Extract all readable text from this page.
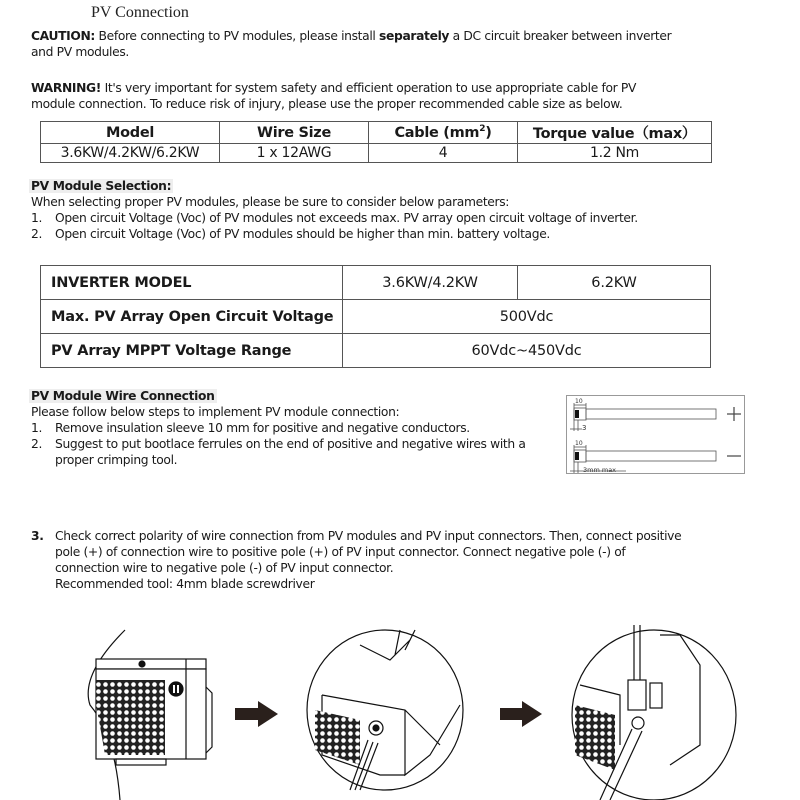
PV Connection
CAUTION: Before connecting to PV modules, please install separately a DC circuit breaker between inverter
and PV modules.
WARNING! It's very important for system safety and efficient operation to use appropriate cable for PV
module connection. To reduce risk of injury, please use the proper recommended cable size as below.
Model	Wire Size	Cable $(mm^2)$	Torque value（max）
3.6KW/4.2KW/6.2KW	1 x 12AWG	4	1.2 Nm
PV Module Selection:
When selecting proper PV modules, please be sure to consider below parameters:
1. Open circuit Voltage (Voc) of PV modules not exceeds max. PV array open circuit voltage of inverter.
2. Open circuit Voltage (Voc) of PV modules should be higher than min. battery voltage.
INVERTER MODEL	3.6KW/4.2KW	6.2KW
Max. PV Array Open Circuit Voltage	500Vdc	
PV Array MPPT Voltage Range	60Vdc~450Vdc	
PV Module Wire Connection
Please follow below steps to implement PV module connection:
1. Remove insulation sleeve 10 mm for positive and negative conductors.
2. Suggest to put bootlace ferrules on the end of positive and negative wires with a
proper crimping tool.
10
3
10
3mm max
3. Check correct polarity of wire connection from PV modules and PV input connectors. Then, connect positive
pole (+) of connection wire to positive pole (+) of PV input connector. Connect negative pole (-) of
connection wire to negative pole (-) of PV input connector.
Recommended tool: 4mm blade screwdriver
